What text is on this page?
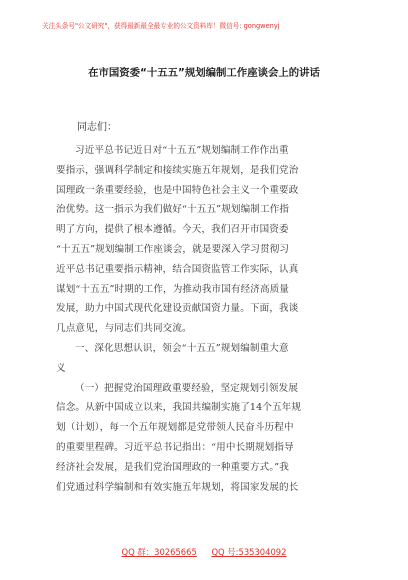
关注头条号"公文研究"，获得最新最全最专业的公文资料库！微信号: gongwenyj
在市国资委“十五五”规划编制工作座谈会上的讲话
同志们：
习近平总书记近日对“十五五”规划编制工作作出重
要指示，强调科学制定和接续实施五年规划，是我们党治
国理政一条重要经验，也是中国特色社会主义一个重要政
治优势。这一指示为我们做好“十五五”规划编制工作指
明了方向，提供了根本遵循。今天，我们召开市国资委
“十五五”规划编制工作座谈会，就是要深入学习贯彻习
近平总书记重要指示精神，结合国资监管工作实际，认真
谋划“十五五”时期的工作，为推动我市国有经济高质量
发展，助力中国式现代化建设贡献国资力量。下面，我谈
几点意见，与同志们共同交流。
一、深化思想认识，领会“十五五”规划编制重大意
义
（一）把握党治国理政重要经验，坚定规划引领发展
信念。从新中国成立以来，我国共编制实施了14个五年规
划（计划），每一个五年规划都是党带领人民奋斗历程中
的重要里程碑。习近平总书记指出：“用中长期规划指导
经济社会发展，是我们党治国理政的一种重要方式。”我
们党通过科学编制和有效实施五年规划，将国家发展的长
QQ 群：30265665 QQ 号:535304092
